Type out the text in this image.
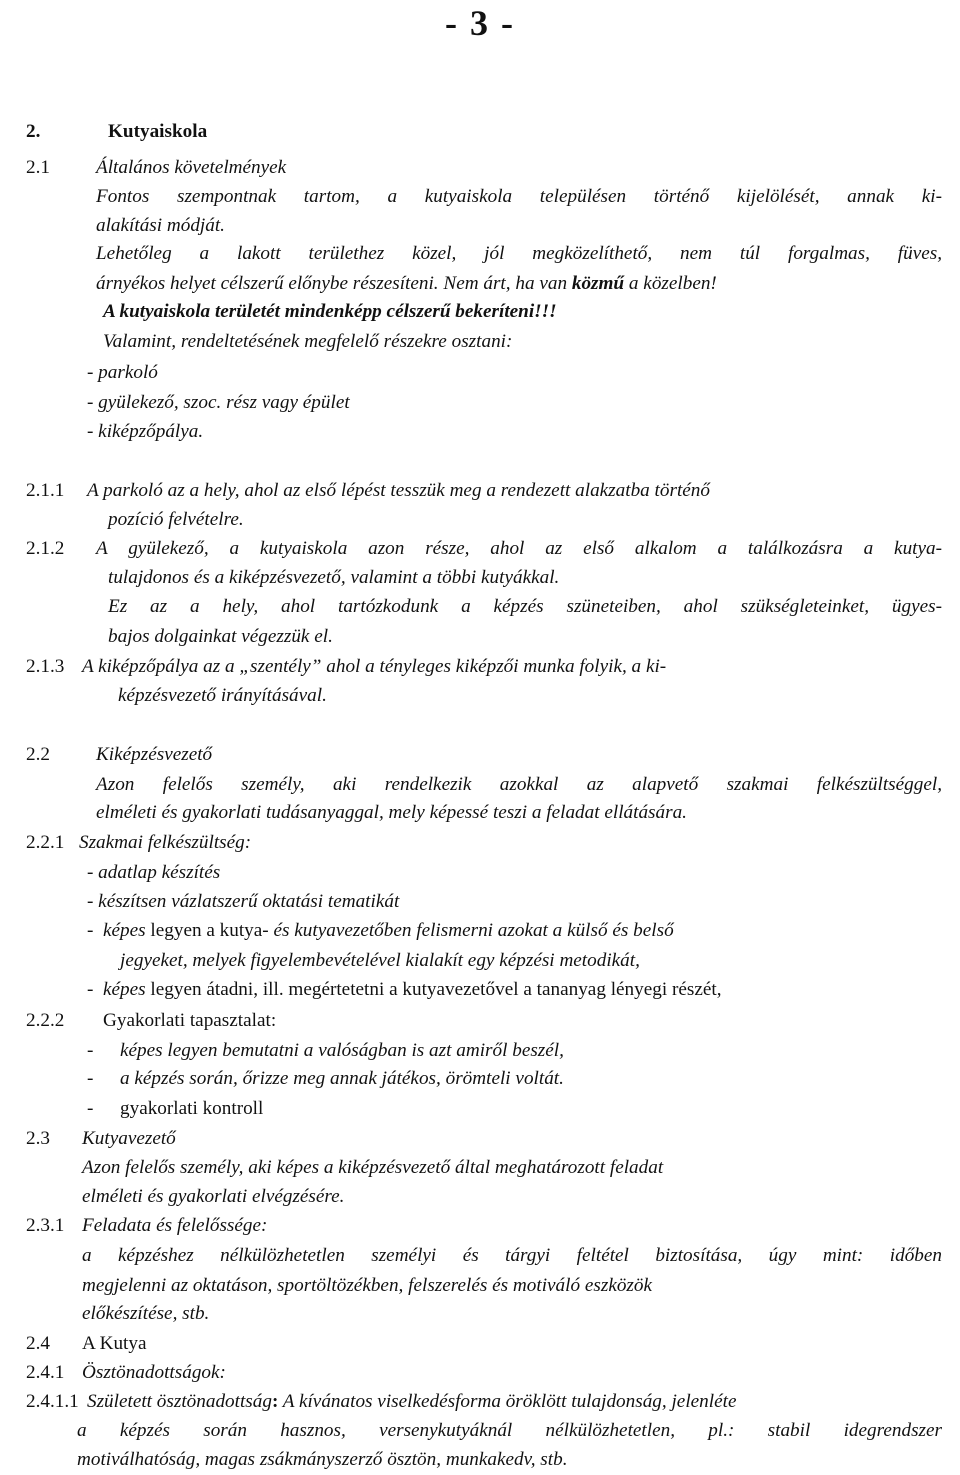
- 3 -
2.	Kutyaiskola
2.1 Általános követelmények
Fontos szempontnak tartom, a kutyaiskola településen történő kijelölését, annak ki-
alakítási módját.
Lehetőleg a lakott területhez közel, jól megközelíthető, nem túl forgalmas, füves,
árnyékos helyet célszerű előnybe részesíteni. Nem árt, ha van közmű a közelben!
A kutyaiskola területét mindenképp célszerű bekeríteni!!!
Valamint, rendeltetésének megfelelő részekre osztani:
- parkoló
- gyülekező, szoc. rész vagy épület
- kiképzőpálya.
2.1.1 A parkoló az a hely, ahol az első lépést tesszük meg a rendezett alakzatba történő
pozíció felvételre.
2.1.2 A gyülekező, a kutyaiskola azon része, ahol az első alkalom a találkozásra a kutya-
tulajdonos és a kiképzésvezető, valamint a többi kutyákkal.
Ez az a hely, ahol tartózkodunk a képzés szüneteiben, ahol szükségleteinket, ügyes-
bajos dolgainkat végezzük el.
2.1.3 A kiképzőpálya az a „szentély” ahol a tényleges kiképzői munka folyik, a ki-
képzésvezető irányításával.
2.2 Kiképzésvezető
Azon felelős személy, aki rendelkezik azokkal az alapvető szakmai felkészültséggel,
elméleti és gyakorlati tudásanyaggal, mely képessé teszi a feladat ellátására.
2.2.1 Szakmai felkészültség:
- adatlap készítés
- készítsen vázlatszerű oktatási tematikát
-  képes legyen a kutya- és kutyavezetőben felismerni azokat a külső és belső
jegyeket, melyek figyelembevételével kialakít egy képzési metodikát,
-  képes legyen átadni, ill. megértetetni a kutyavezetővel a tananyag lényegi részét,
2.2.2 Gyakorlati tapasztalat:
- képes legyen bemutatni a valóságban is azt amiről beszél,
- a képzés során, őrizze meg annak játékos, örömteli voltát.
- gyakorlati kontroll
2.3 Kutyavezető
Azon felelős személy, aki képes a kiképzésvezető által meghatározott feladat
elméleti és gyakorlati elvégzésére.
2.3.1 Feladata és felelőssége:
a képzéshez nélkülözhetetlen személyi és tárgyi feltétel biztosítása, úgy mint: időben
megjelenni az oktatáson, sportöltözékben, felszerelés és motiváló eszközök
előkészítése, stb.
2.4 A Kutya
2.4.1 Ösztönadottságok:
2.4.1.1 Született ösztönadottság: A kívánatos viselkedésforma öröklött tulajdonság, jelenléte
a képzés során hasznos, versenykutyáknál nélkülözhetetlen, pl.: stabil idegrendszer
motiválhatóság, magas zsákmányszerző ösztön, munkakedv, stb.
